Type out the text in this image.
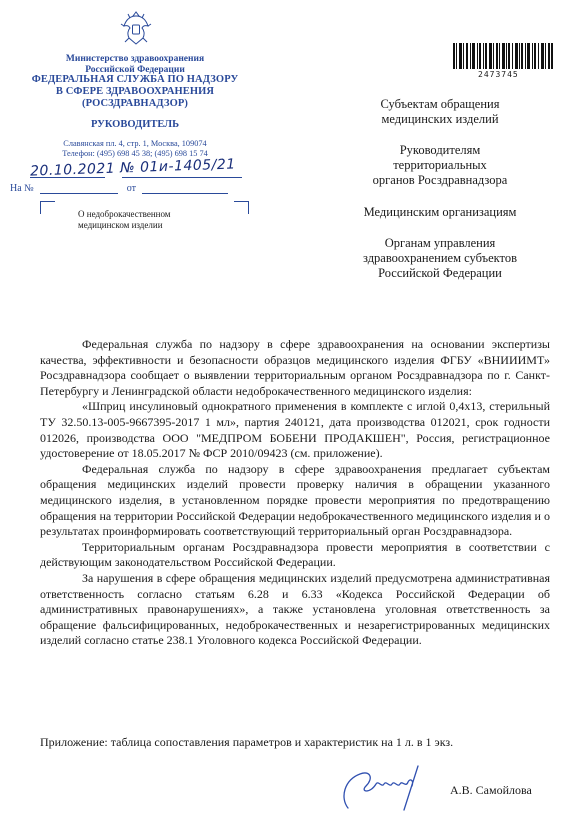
Министерство здравоохранения
Российской Федерации
ФЕДЕРАЛЬНАЯ СЛУЖБА ПО НАДЗОРУ
В СФЕРЕ ЗДРАВООХРАНЕНИЯ
(РОСЗДРАВНАДЗОР)
РУКОВОДИТЕЛЬ
Славянская пл. 4, стр. 1, Москва, 109074
Телефон: (495) 698 45 38; (495) 698 15 74
20.10.2021 № 01и-1405/21
На №	от
О недоброкачественном
медицинском изделии
2473745
Субъектам обращения
медицинских изделий
Руководителям
территориальных
органов Росздравнадзора
Медицинским организациям
Органам управления
здравоохранением субъектов
Российской Федерации

Федеральная служба по надзору в сфере здравоохранения на основании экспертизы качества, эффективности и безопасности образцов медицинского изделия ФГБУ «ВНИИИМТ» Росздравнадзора сообщает о выявлении территориальным органом Росздравнадзора по г. Санкт-Петербургу и Ленинградской области недоброкачественного медицинского изделия:

«Шприц инсулиновый однократного применения в комплекте с иглой 0,4x13, стерильный ТУ 32.50.13-005-9667395-2017 1 мл», партия 240121, дата производства 012021, срок годности 012026, производства ООО "МЕДПРОМ БОБЕНИ ПРОДАКШЕН", Россия, регистрационное удостоверение от 18.05.2017 № ФСР 2010/09423 (см. приложение).

Федеральная служба по надзору в сфере здравоохранения предлагает субъектам обращения медицинских изделий провести проверку наличия в обращении указанного медицинского изделия, в установленном порядке провести мероприятия по предотвращению обращения на территории Российской Федерации недоброкачественного медицинского изделия и о результатах проинформировать соответствующий территориальный орган Росздравнадзора.

Территориальным органам Росздравнадзора провести мероприятия в соответствии с действующим законодательством Российской Федерации.

За нарушения в сфере обращения медицинских изделий предусмотрена административная ответственность согласно статьям 6.28 и 6.33 «Кодекса Российской Федерации об административных правонарушениях», а также установлена уголовная ответственность за обращение фальсифицированных, недоброкачественных и незарегистрированных медицинских изделий согласно статье 238.1 Уголовного кодекса Российской Федерации.

Приложение: таблица сопоставления параметров и характеристик на 1 л. в 1 экз.
А.В. Самойлова
